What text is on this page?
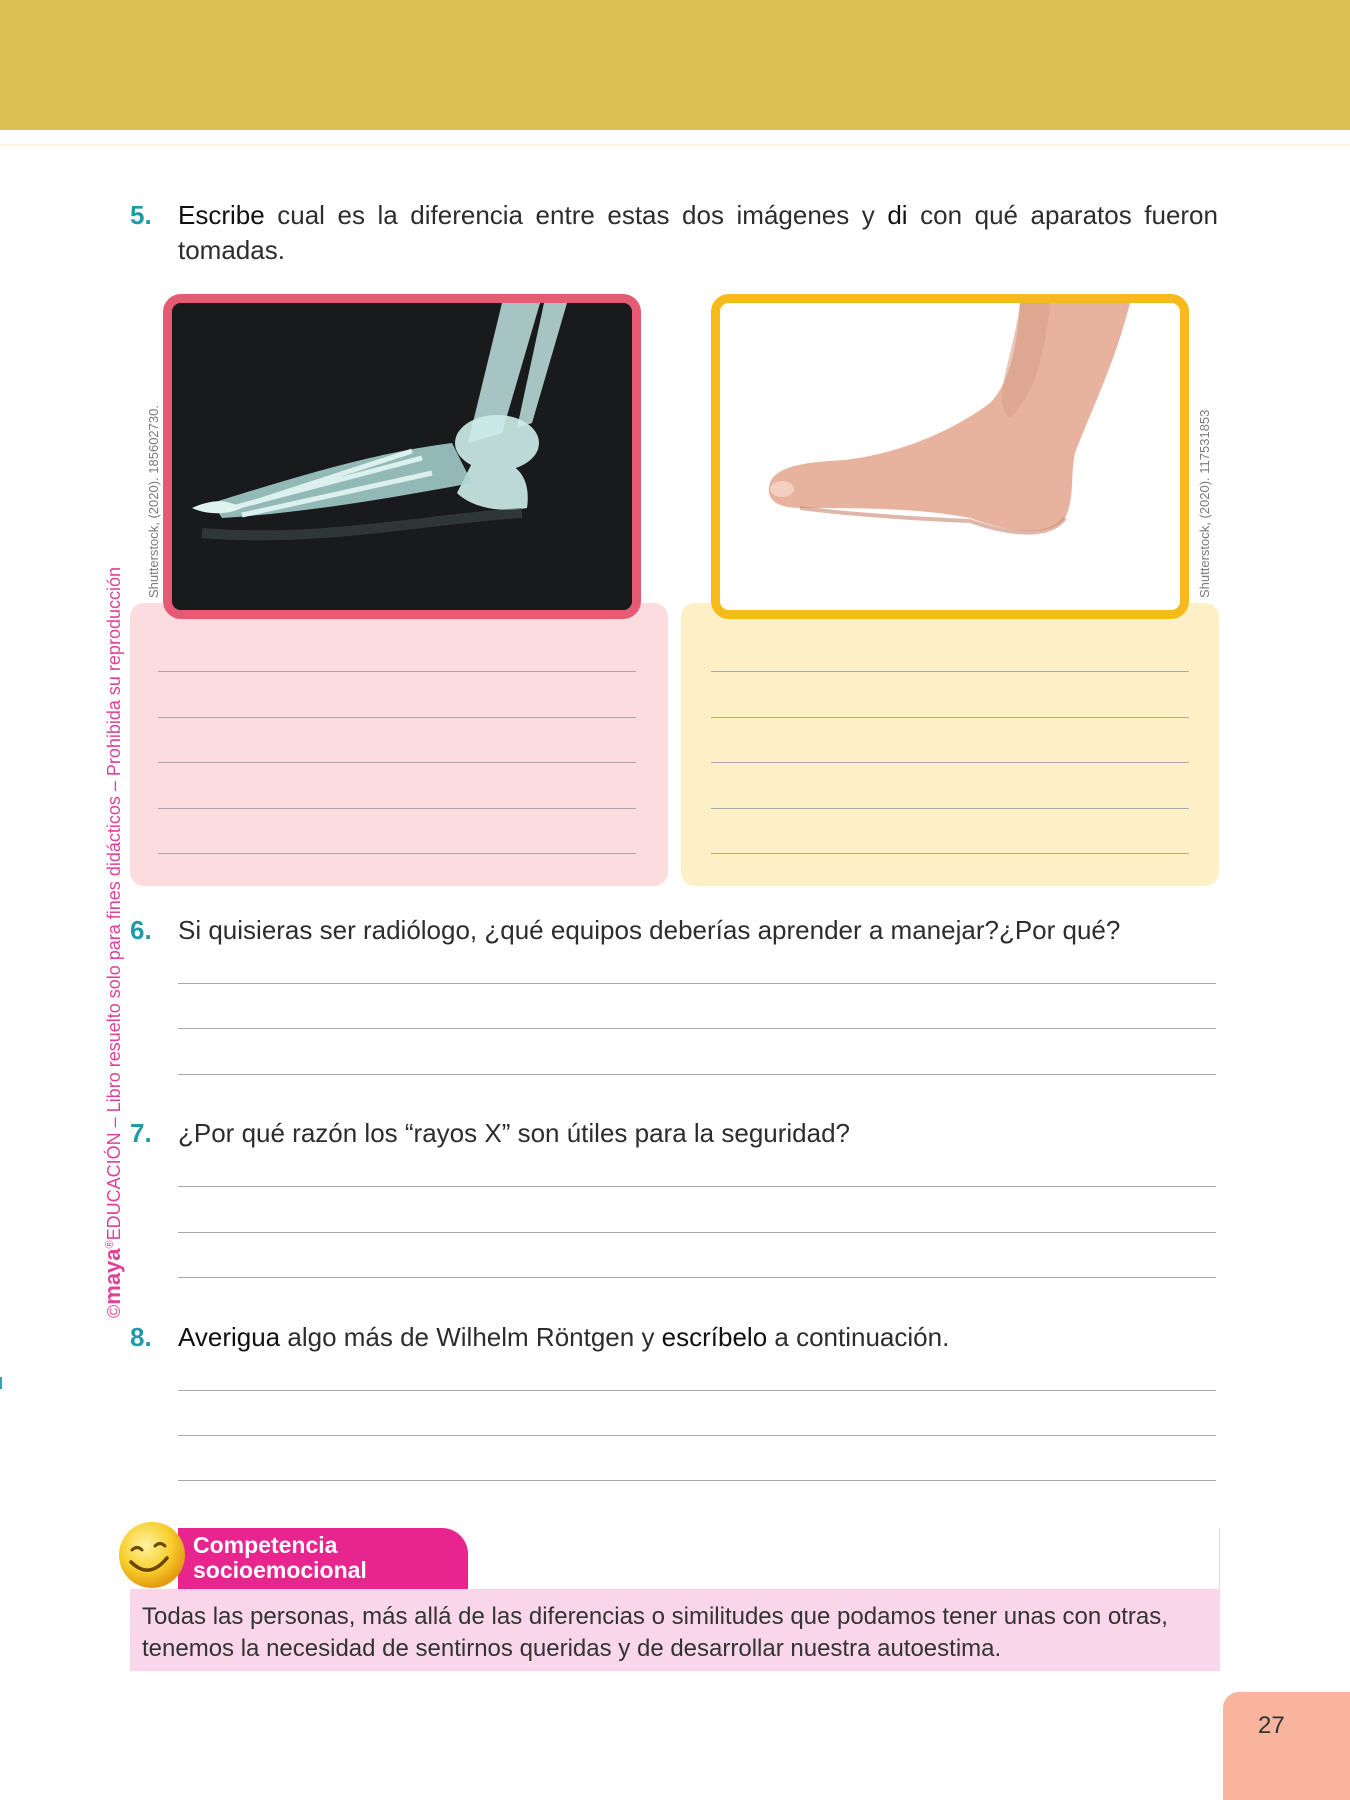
©maya®EDUCACIÓN – Libro resuelto solo para fines didácticos – Prohibida su reproducción
5. Escribe cual es la diferencia entre estas dos imágenes y di con qué aparatos fueron tomadas.
Shutterstock, (2020). 185602730.	Shutterstock, (2020). 117531853
6. Si quisieras ser radiólogo, ¿qué equipos deberías aprender a manejar?¿Por qué?
7. ¿Por qué razón los “rayos X” son útiles para la seguridad?
8. Averigua algo más de Wilhelm Röntgen y escríbelo a continuación.
Competencia
socioemocional
Todas las personas, más allá de las diferencias o similitudes que podamos tener unas con otras, tenemos la necesidad de sentirnos queridas y de desarrollar nuestra autoestima.
27
